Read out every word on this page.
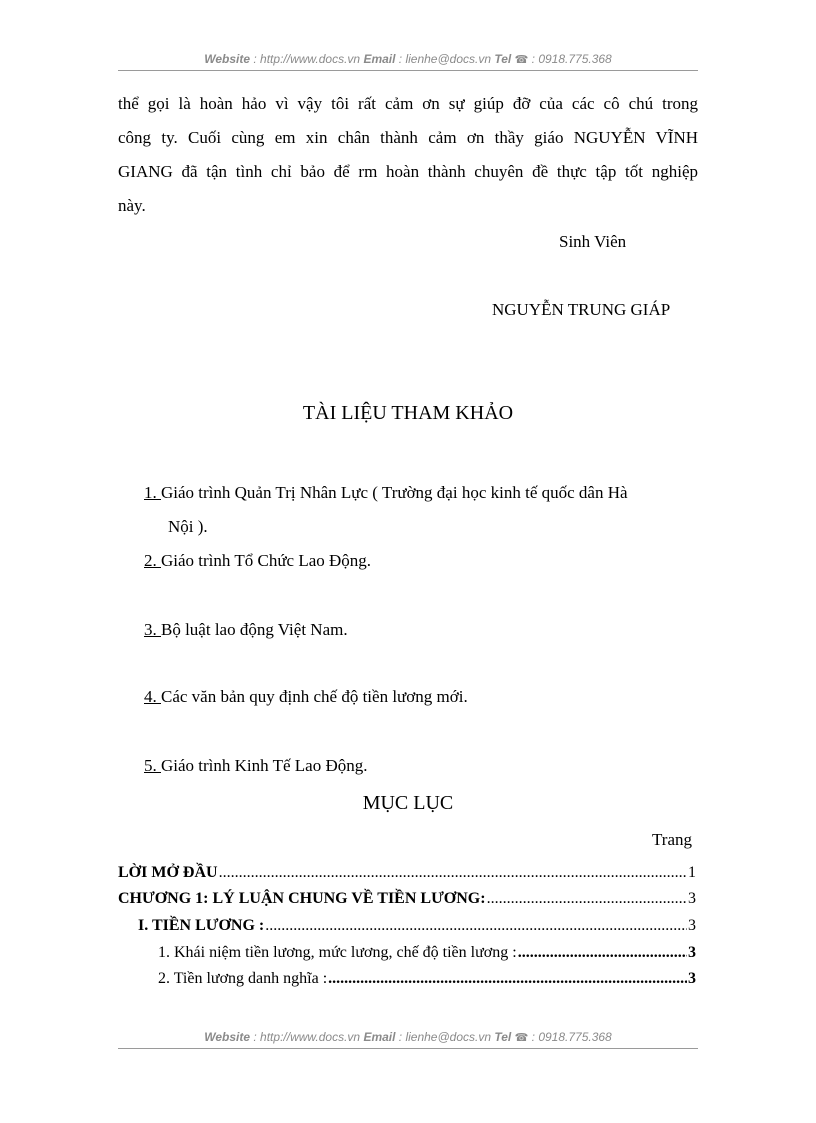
Website : http://www.docs.vn Email : lienhe@docs.vn Tel ☎ : 0918.775.368
thể gọi là hoàn hảo vì vậy tôi rất cảm ơn sự giúp đỡ của các cô chú trong
công ty. Cuối cùng em xin chân thành cảm ơn thầy giáo NGUYỄN VĨNH
GIANG đã tận tình chỉ bảo để rm hoàn thành chuyên đề thực tập tốt nghiệp
này.
Sinh Viên
NGUYỄN TRUNG GIÁP
TÀI LIỆU THAM KHẢO
1. Giáo trình Quản Trị Nhân Lực ( Trường đại học kinh tế quốc dân Hà
Nội ).
2. Giáo trình Tổ Chức Lao Động.
3. Bộ luật lao động Việt Nam.
4. Các văn bản quy định chế độ tiền lương mới.
5. Giáo trình Kinh Tế Lao Động.
MỤC LỤC
Trang
LỜI MỞ ĐẦU .....	1
CHƯƠNG 1: LÝ LUẬN CHUNG VỀ TIỀN LƯƠNG: .....	3
I. TIỀN LƯƠNG : .....	3
1. Khái niệm tiền lương, mức lương, chế độ tiền lương : .....	3
2. Tiền lương danh nghĩa : .....	3
Website : http://www.docs.vn Email : lienhe@docs.vn Tel ☎ : 0918.775.368
